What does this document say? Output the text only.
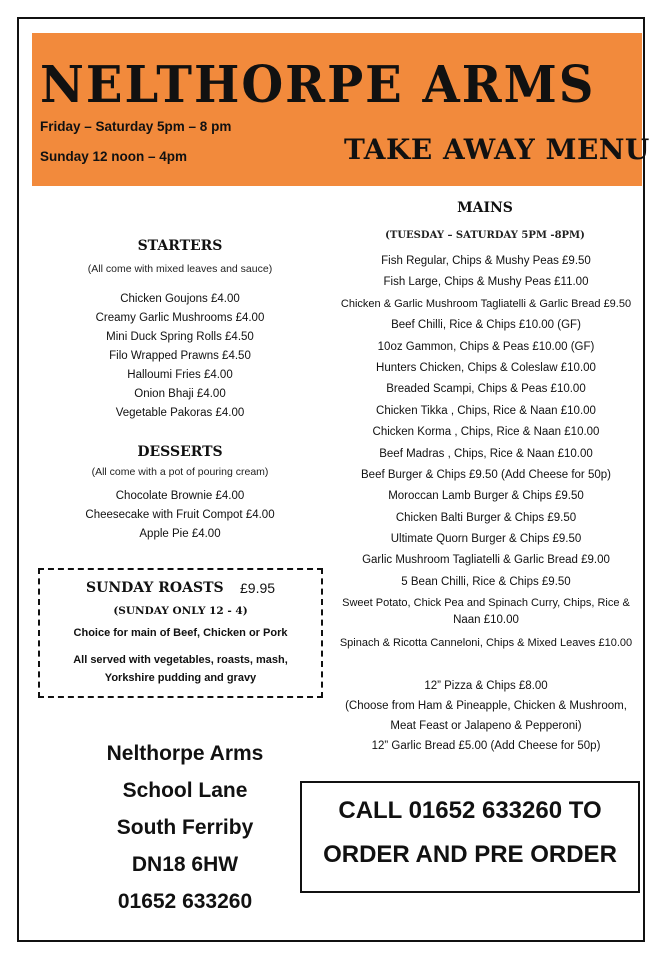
NELTHORPE ARMS
Friday – Saturday 5pm – 8 pm
Sunday 12 noon – 4pm	TAKE AWAY MENU
STARTERS
(All come with mixed leaves and sauce)
Chicken Goujons £4.00
Creamy Garlic Mushrooms £4.00
Mini Duck Spring Rolls £4.50
Filo Wrapped Prawns £4.50
Halloumi Fries £4.00
Onion Bhaji £4.00
Vegetable Pakoras £4.00
DESSERTS
(All come with a pot of pouring cream)
Chocolate Brownie £4.00
Cheesecake with Fruit Compot £4.00
Apple Pie £4.00
SUNDAY ROASTS £9.95
(SUNDAY ONLY 12 - 4)
Choice for main of Beef, Chicken or Pork
All served with vegetables, roasts, mash,
Yorkshire pudding and gravy
MAINS
(TUESDAY – SATURDAY 5PM -8PM)
Fish Regular, Chips & Mushy Peas £9.50
Fish Large, Chips & Mushy Peas £11.00
Chicken & Garlic Mushroom Tagliatelli & Garlic Bread £9.50
Beef Chilli, Rice & Chips £10.00 (GF)
10oz Gammon, Chips & Peas £10.00 (GF)
Hunters Chicken, Chips & Coleslaw £10.00
Breaded Scampi, Chips & Peas £10.00
Chicken Tikka , Chips, Rice & Naan £10.00
Chicken Korma , Chips, Rice & Naan £10.00
Beef Madras , Chips, Rice & Naan £10.00
Beef Burger & Chips £9.50 (Add Cheese for 50p)
Moroccan Lamb Burger & Chips £9.50
Chicken Balti Burger & Chips £9.50
Ultimate Quorn Burger & Chips £9.50
Garlic Mushroom Tagliatelli & Garlic Bread £9.00
5 Bean Chilli, Rice & Chips £9.50
Sweet Potato, Chick Pea and Spinach Curry, Chips, Rice &
Naan £10.00
Spinach & Ricotta Canneloni, Chips & Mixed Leaves £10.00
12” Pizza & Chips £8.00
(Choose from Ham & Pineapple, Chicken & Mushroom,
Meat Feast or Jalapeno & Pepperoni)
12” Garlic Bread £5.00 (Add Cheese for 50p)
Nelthorpe Arms
School Lane
South Ferriby
DN18 6HW
01652 633260
CALL 01652 633260 TO
ORDER AND PRE ORDER
